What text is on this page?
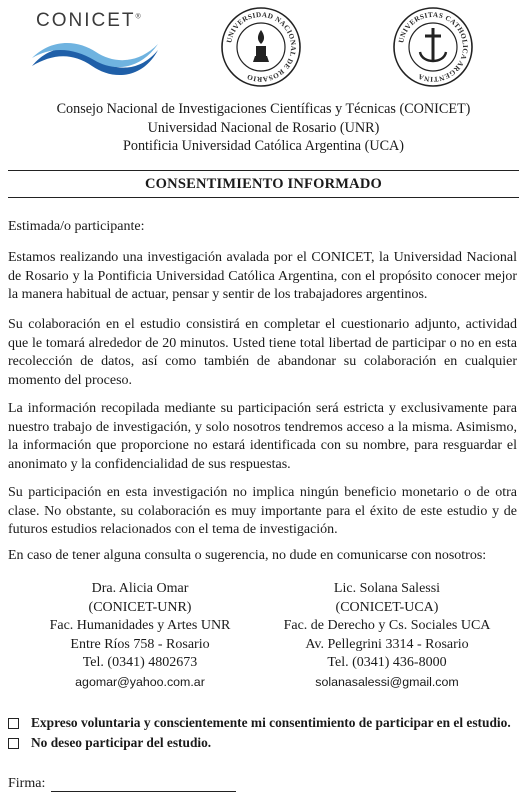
CONICET®
UNIVERSIDAD NACIONAL DE ROSARIO
UNIVERSITAS CATHOLICA ARGENTINA
Consejo Nacional de Investigaciones Científicas y Técnicas (CONICET)
Universidad Nacional de Rosario (UNR)
Pontificia Universidad Católica Argentina (UCA)
CONSENTIMIENTO INFORMADO
Estimada/o participante:
Estamos realizando una investigación avalada por el CONICET, la Universidad Nacional de Rosario y la Pontificia Universidad Católica Argentina, con el propósito conocer mejor la manera habitual de actuar, pensar y sentir de los trabajadores argentinos.
Su colaboración en el estudio consistirá en completar el cuestionario adjunto, actividad que le tomará alrededor de 20 minutos. Usted tiene total libertad de participar o no en esta recolección de datos, así como también de abandonar su colaboración en cualquier momento del proceso.
La información recopilada mediante su participación será estricta y exclusivamente para nuestro trabajo de investigación, y solo nosotros tendremos acceso a la misma. Asimismo, la información que proporcione no estará identificada con su nombre, para resguardar el anonimato y la confidencialidad de sus respuestas.
Su participación en esta investigación no implica ningún beneficio monetario o de otra clase. No obstante, su colaboración es muy importante para el éxito de este estudio y de futuros estudios relacionados con el tema de investigación.
En caso de tener alguna consulta o sugerencia, no dude en comunicarse con nosotros:
Dra. Alicia Omar
(CONICET-UNR)
Fac. Humanidades y Artes UNR
Entre Ríos 758 - Rosario
Tel. (0341) 4802673
agomar@yahoo.com.ar
Lic. Solana Salessi
(CONICET-UCA)
Fac. de Derecho y Cs. Sociales UCA
Av. Pellegrini 3314 - Rosario
Tel. (0341) 436-8000
solanasalessi@gmail.com
Expreso voluntaria y conscientemente mi consentimiento de participar en el estudio.
No deseo participar del estudio.
Firma:
